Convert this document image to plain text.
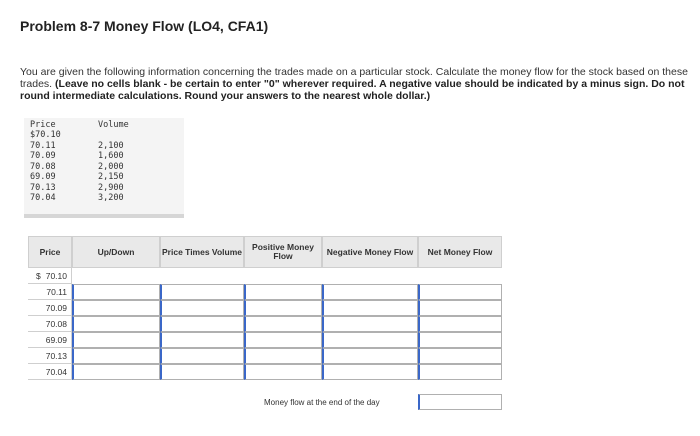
Problem 8-7 Money Flow (LO4, CFA1)
You are given the following information concerning the trades made on a particular stock. Calculate the money flow for the stock based on these trades. (Leave no cells blank - be certain to enter "0" wherever required. A negative value should be indicated by a minus sign. Do not round intermediate calculations. Round your answers to the nearest whole dollar.)
Price	Volume
$70.10
70.11	2,100
70.09	1,600
70.08	2,000
69.09	2,150
70.13	2,900
70.04	3,200
Price	Up/Down	Price Times Volume	Positive Money Flow	Negative Money Flow	Net Money Flow
$ 70.10
70.11
70.09
70.08
69.09
70.13
70.04
Money flow at the end of the day
